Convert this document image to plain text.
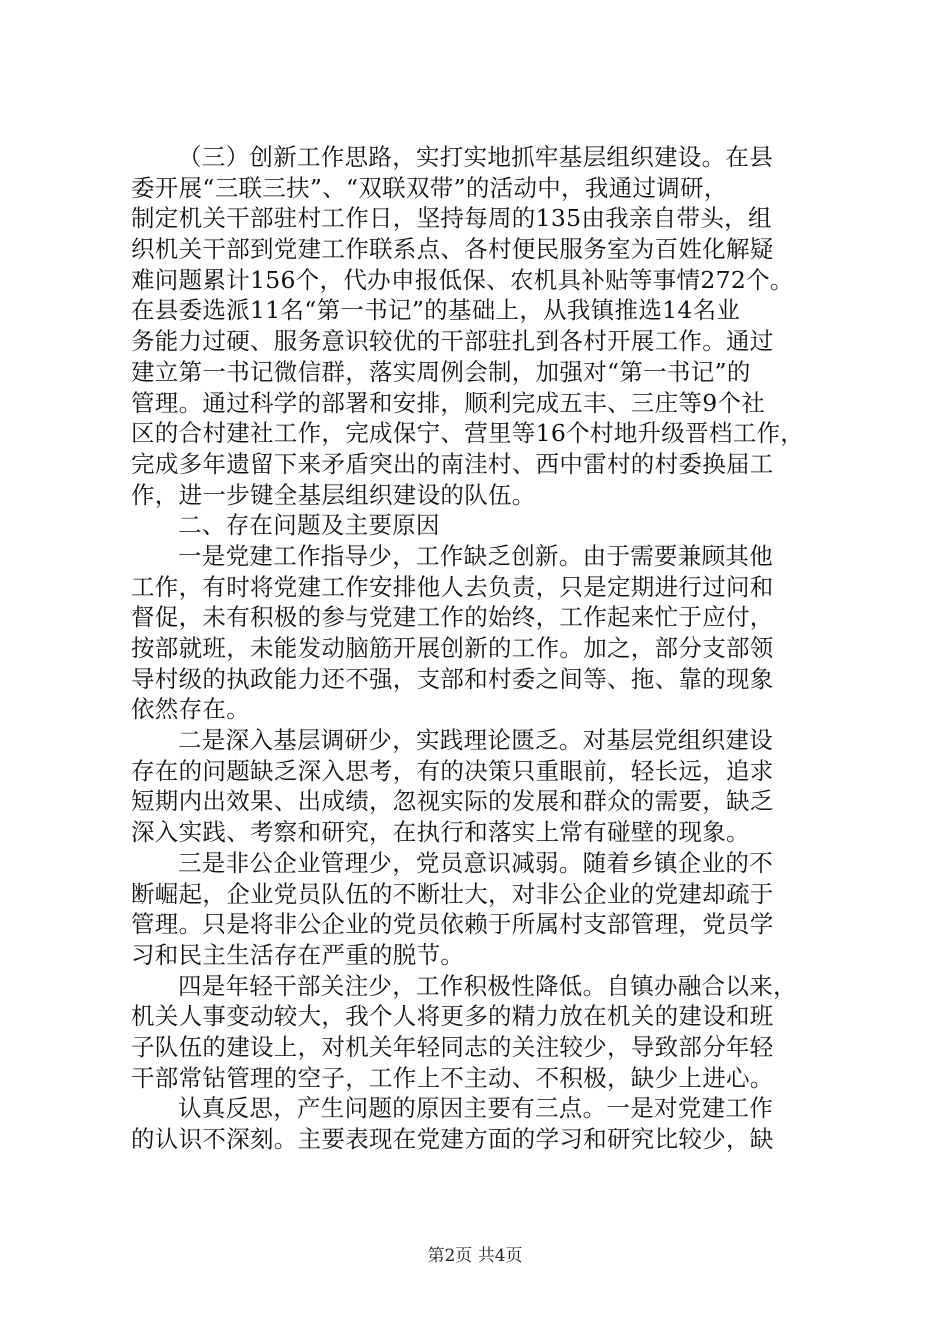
（三）创新工作思路，实打实地抓牢基层组织建设。在县
委开展“三联三扶”、“双联双带”的活动中，我通过调研，
制定机关干部驻村工作日，坚持每周的135由我亲自带头，组
织机关干部到党建工作联系点、各村便民服务室为百姓化解疑
难问题累计156个，代办申报低保、农机具补贴等事情272个。
在县委选派11名“第一书记”的基础上，从我镇推选14名业
务能力过硬、服务意识较优的干部驻扎到各村开展工作。通过
建立第一书记微信群，落实周例会制，加强对“第一书记”的
管理。通过科学的部署和安排，顺利完成五丰、三庄等9个社
区的合村建社工作，完成保宁、营里等16个村地升级晋档工作，
完成多年遗留下来矛盾突出的南洼村、西中雷村的村委换届工
作，进一步键全基层组织建设的队伍。
二、存在问题及主要原因
一是党建工作指导少，工作缺乏创新。由于需要兼顾其他
工作，有时将党建工作安排他人去负责，只是定期进行过问和
督促，未有积极的参与党建工作的始终，工作起来忙于应付，
按部就班，未能发动脑筋开展创新的工作。加之，部分支部领
导村级的执政能力还不强，支部和村委之间等、拖、靠的现象
依然存在。
二是深入基层调研少，实践理论匮乏。对基层党组织建设
存在的问题缺乏深入思考，有的决策只重眼前，轻长远，追求
短期内出效果、出成绩，忽视实际的发展和群众的需要，缺乏
深入实践、考察和研究，在执行和落实上常有碰壁的现象。
三是非公企业管理少，党员意识减弱。随着乡镇企业的不
断崛起，企业党员队伍的不断壮大，对非公企业的党建却疏于
管理。只是将非公企业的党员依赖于所属村支部管理，党员学
习和民主生活存在严重的脱节。
四是年轻干部关注少，工作积极性降低。自镇办融合以来，
机关人事变动较大，我个人将更多的精力放在机关的建设和班
子队伍的建设上，对机关年轻同志的关注较少，导致部分年轻
干部常钻管理的空子，工作上不主动、不积极，缺少上进心。
认真反思，产生问题的原因主要有三点。一是对党建工作
的认识不深刻。主要表现在党建方面的学习和研究比较少，缺
第2页 共4页
